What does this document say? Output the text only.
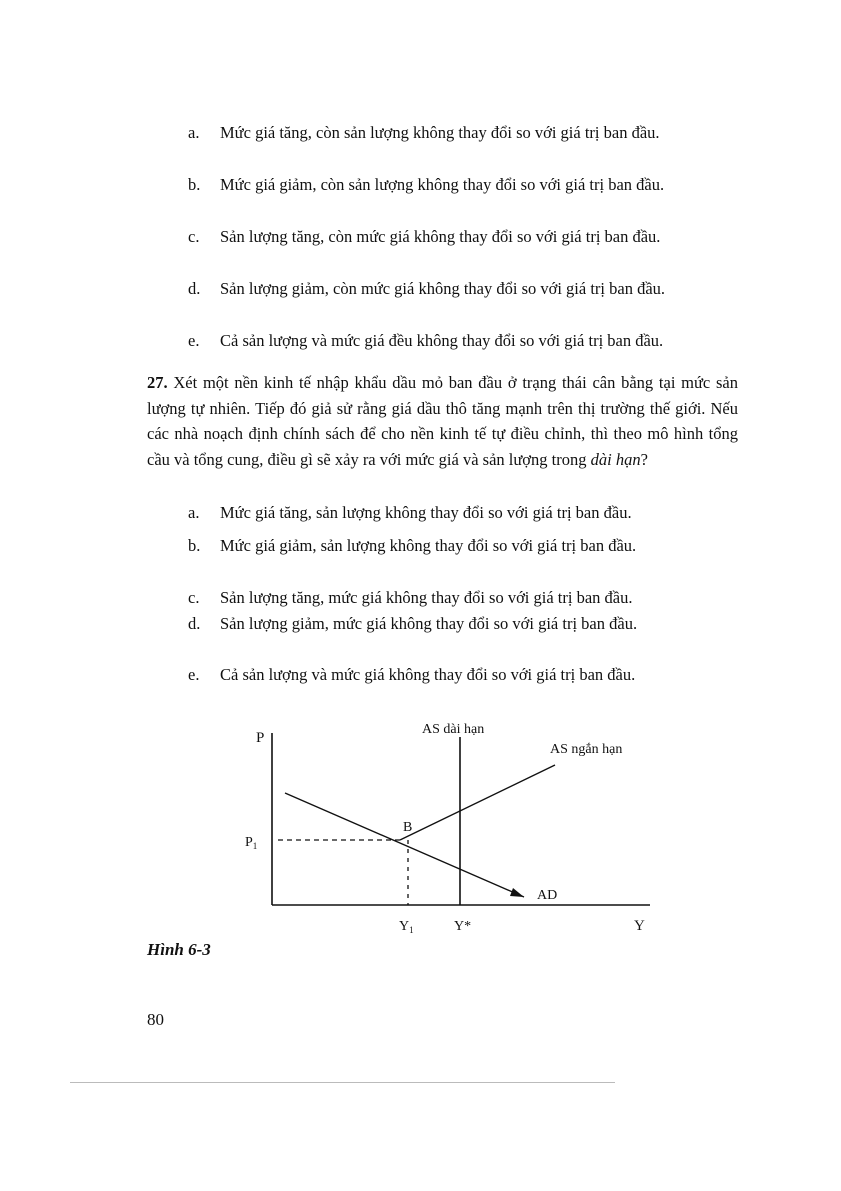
a.	Mức giá tăng, còn sản lượng không thay đổi so với giá trị ban đầu.
b.	Mức giá giảm, còn sản lượng không thay đổi so với giá trị ban đầu.
c.	Sản lượng tăng, còn mức giá không thay đổi so với giá trị ban đầu.
d.	Sản lượng giảm, còn mức giá không thay đổi so với giá trị ban đầu.
e.	Cả sản lượng và mức giá đều không thay đổi so với giá trị ban đầu.
27. Xét một nền kinh tế nhập khẩu dầu mỏ ban đầu ở trạng thái cân bằng tại mức sản lượng tự nhiên. Tiếp đó giả sử rằng giá dầu thô tăng mạnh trên thị trường thế giới. Nếu các nhà noạch định chính sách để cho nền kinh tế tự điều chỉnh, thì theo mô hình tổng cầu và tổng cung, điều gì sẽ xảy ra với mức giá và sản lượng trong dài hạn?
a.	Mức giá tăng, sản lượng không thay đổi so với giá trị ban đầu.
b.	Mức giá giảm, sản lượng không thay đổi so với giá trị ban đầu.
c.	Sản lượng tăng, mức giá không thay đổi so với giá trị ban đầu.
d.	Sản lượng giảm, mức giá không thay đổi so với giá trị ban đầu.
e.	Cả sản lượng và mức giá không thay đổi so với giá trị ban đầu.
P
Y
AS dài hạn
AS ngắn hạn
AD
B
$P_1$
$Y_1$	Y*
Hình 6-3
80
